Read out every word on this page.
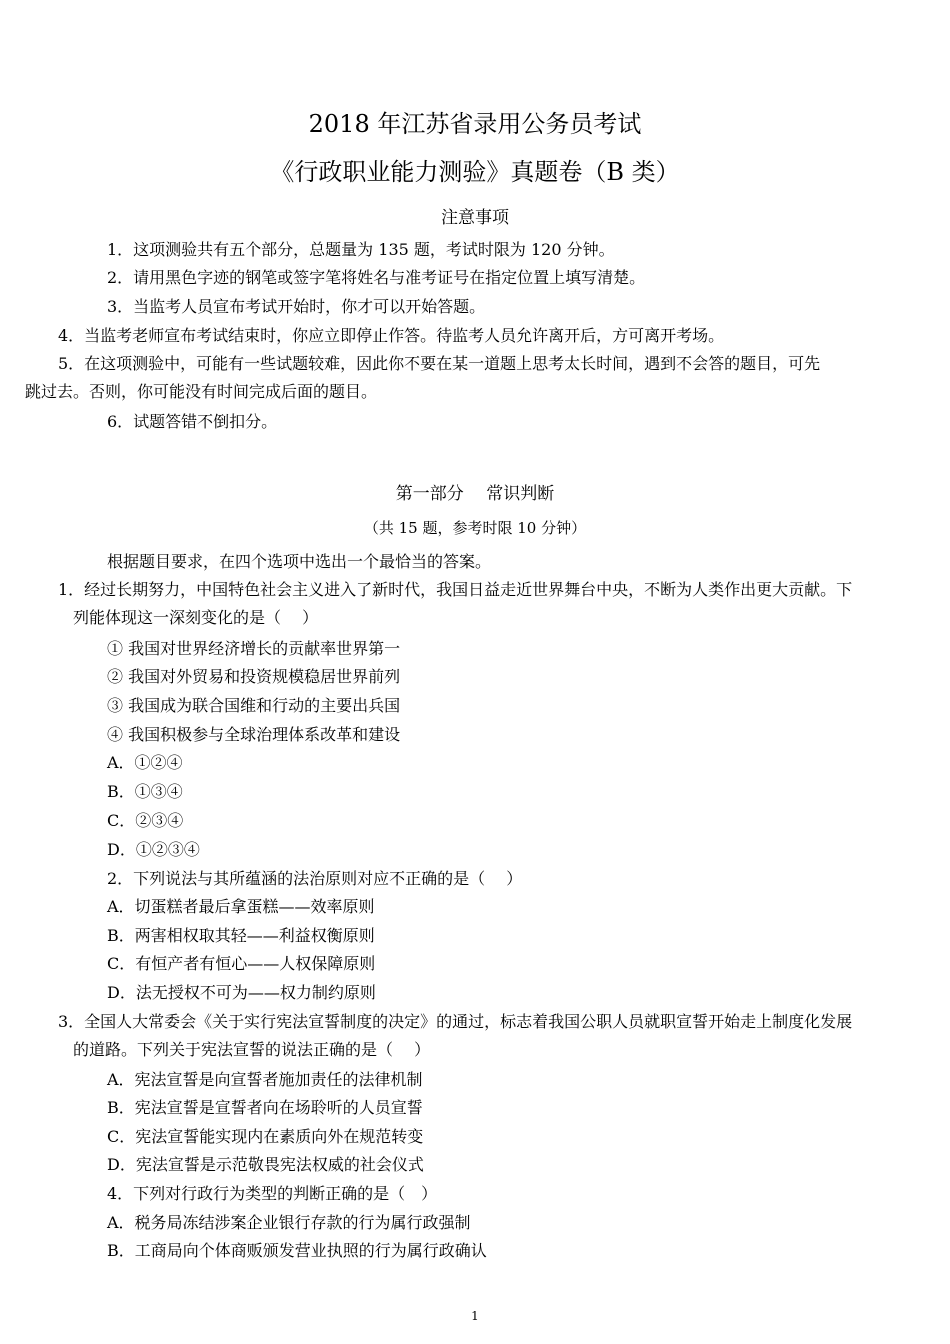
2018 年江苏省录用公务员考试
《行政职业能力测验》真题卷（B 类）
注意事项
1．这项测验共有五个部分，总题量为 135 题，考试时限为 120 分钟。
2．请用黑色字迹的钢笔或签字笔将姓名与准考证号在指定位置上填写清楚。
3．当监考人员宣布考试开始时，你才可以开始答题。
4．当监考老师宣布考试结束时，你应立即停止作答。待监考人员允许离开后，方可离开考场。
5．在这项测验中，可能有一些试题较难，因此你不要在某一道题上思考太长时间，遇到不会答的题目，可先跳过去。否则，你可能没有时间完成后面的题目。
6．试题答错不倒扣分。
第一部分　 常识判断
（共 15 题，参考时限 10 分钟）
根据题目要求，在四个选项中选出一个最恰当的答案。
1．经过长期努力，中国特色社会主义进入了新时代，我国日益走近世界舞台中央，不断为人类作出更大贡献。下列能体现这一深刻变化的是（　 ）
① 我国对世界经济增长的贡献率世界第一
② 我国对外贸易和投资规模稳居世界前列
③ 我国成为联合国维和行动的主要出兵国
④ 我国积极参与全球治理体系改革和建设
A．①②④
B．①③④
C．②③④
D．①②③④
2．下列说法与其所蕴涵的法治原则对应不正确的是（　 ）
A．切蛋糕者最后拿蛋糕——效率原则
B．两害相权取其轻——利益权衡原则
C．有恒产者有恒心——人权保障原则
D．法无授权不可为——权力制约原则
3．全国人大常委会《关于实行宪法宣誓制度的决定》的通过，标志着我国公职人员就职宣誓开始走上制度化发展的道路。下列关于宪法宣誓的说法正确的是（　 ）
A．宪法宣誓是向宣誓者施加责任的法律机制
B．宪法宣誓是宣誓者向在场聆听的人员宣誓
C．宪法宣誓能实现内在素质向外在规范转变
D．宪法宣誓是示范敬畏宪法权威的社会仪式
4．下列对行政行为类型的判断正确的是（　）
A．税务局冻结涉案企业银行存款的行为属行政强制
B．工商局向个体商贩颁发营业执照的行为属行政确认
1
